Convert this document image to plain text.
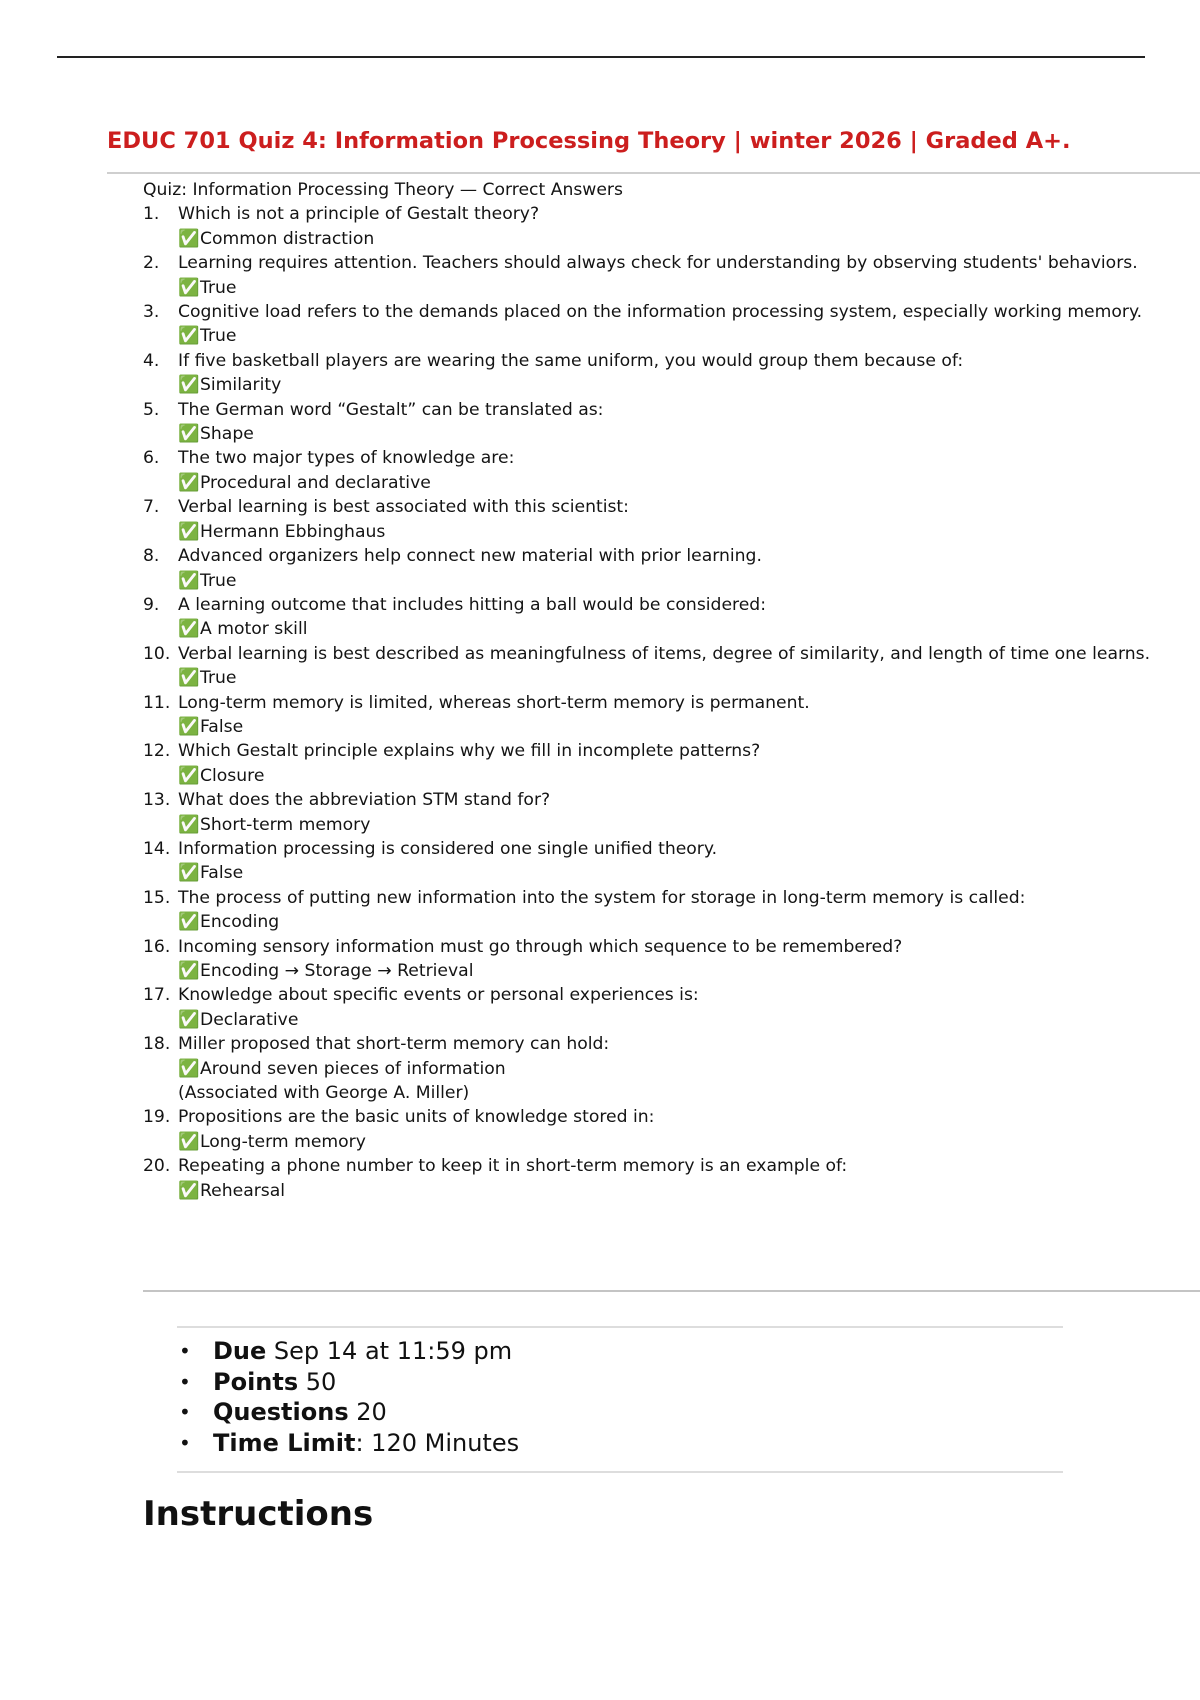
EDUC 701 Quiz 4: Information Processing Theory | winter 2026 | Graded A+.

Quiz: Information Processing Theory — Correct Answers

1. Which is not a principle of Gestalt theory?
✅Common distraction
2. Learning requires attention. Teachers should always check for understanding by observing students' behaviors.
✅True
3. Cognitive load refers to the demands placed on the information processing system, especially working memory.
✅True
4. If five basketball players are wearing the same uniform, you would group them because of:
✅Similarity
5. The German word “Gestalt” can be translated as:
✅Shape
6. The two major types of knowledge are:
✅Procedural and declarative
7. Verbal learning is best associated with this scientist:
✅Hermann Ebbinghaus
8. Advanced organizers help connect new material with prior learning.
✅True
9. A learning outcome that includes hitting a ball would be considered:
✅A motor skill
10. Verbal learning is best described as meaningfulness of items, degree of similarity, and length of time one learns.
✅True
11. Long-term memory is limited, whereas short-term memory is permanent.
✅False
12. Which Gestalt principle explains why we fill in incomplete patterns?
✅Closure
13. What does the abbreviation STM stand for?
✅Short-term memory
14. Information processing is considered one single unified theory.
✅False
15. The process of putting new information into the system for storage in long-term memory is called:
✅Encoding
16. Incoming sensory information must go through which sequence to be remembered?
✅Encoding → Storage → Retrieval
17. Knowledge about specific events or personal experiences is:
✅Declarative
18. Miller proposed that short-term memory can hold:
✅Around seven pieces of information
(Associated with George A. Miller)
19. Propositions are the basic units of knowledge stored in:
✅Long-term memory
20. Repeating a phone number to keep it in short-term memory is an example of:
✅Rehearsal
• Due Sep 14 at 11:59 pm
• Points 50
• Questions 20
• Time Limit: 120 Minutes
Instructions
